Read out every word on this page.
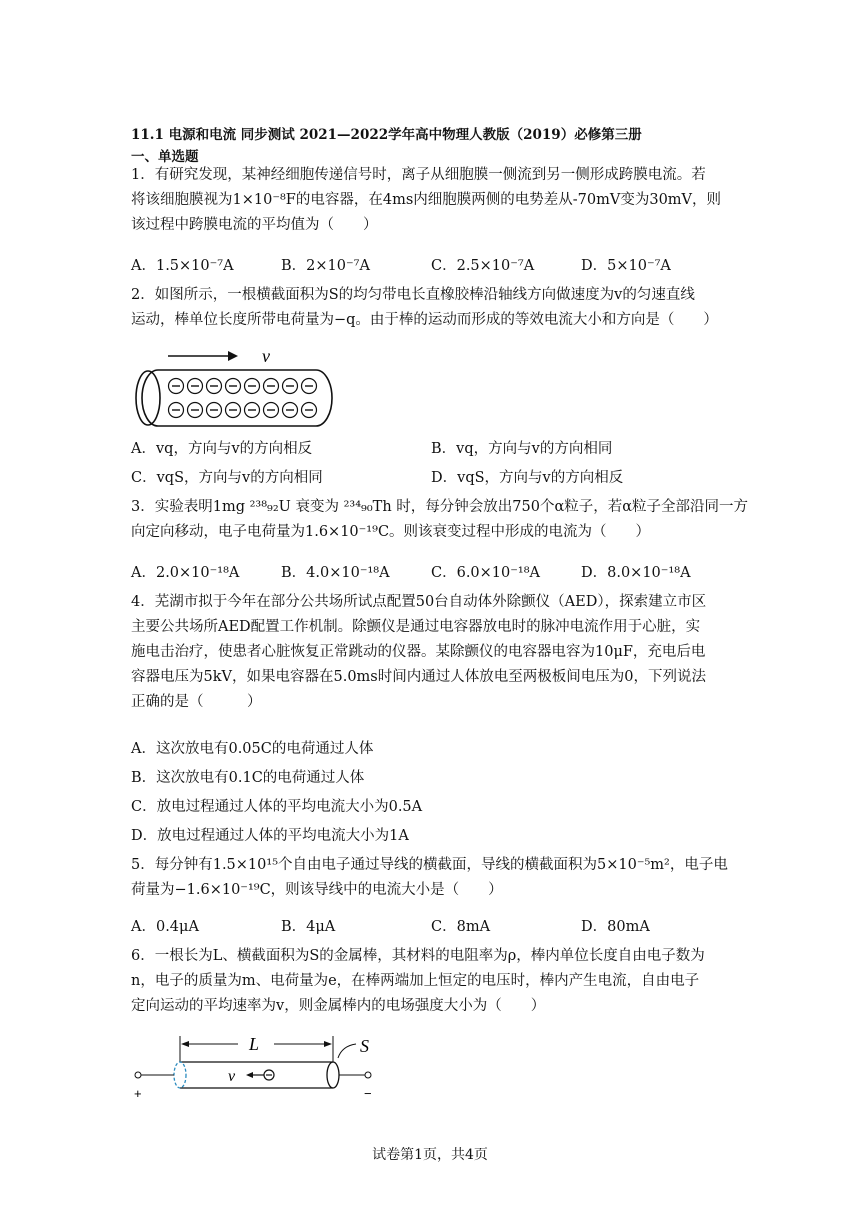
11.1 电源和电流 同步测试 2021—2022学年高中物理人教版（2019）必修第三册
一、单选题
1．有研究发现，某神经细胞传递信号时，离子从细胞膜一侧流到另一侧形成跨膜电流。若
将该细胞膜视为1×10⁻⁸F的电容器，在4ms内细胞膜两侧的电势差从-70mV变为30mV，则
该过程中跨膜电流的平均值为（　　）
A．1.5×10⁻⁷A	B．2×10⁻⁷A	C．2.5×10⁻⁷A	D．5×10⁻⁷A
2．如图所示，一根横截面积为S的均匀带电长直橡胶棒沿轴线方向做速度为v的匀速直线
运动，棒单位长度所带电荷量为−q。由于棒的运动而形成的等效电流大小和方向是（　　）
v
A．vq，方向与v的方向相反	B．vq，方向与v的方向相同
C．vqS，方向与v的方向相同	D．vqS，方向与v的方向相反
3．实验表明1mg ²³⁸₉₂U 衰变为 ²³⁴₉₀Th 时，每分钟会放出750个α粒子，若α粒子全部沿同一方
向定向移动，电子电荷量为1.6×10⁻¹⁹C。则该衰变过程中形成的电流为（　　）
A．2.0×10⁻¹⁸A	B．4.0×10⁻¹⁸A	C．6.0×10⁻¹⁸A	D．8.0×10⁻¹⁸A
4．芜湖市拟于今年在部分公共场所试点配置50台自动体外除颤仪（AED），探索建立市区
主要公共场所AED配置工作机制。除颤仪是通过电容器放电时的脉冲电流作用于心脏，实
施电击治疗，使患者心脏恢复正常跳动的仪器。某除颤仪的电容器电容为10μF，充电后电
容器电压为5kV，如果电容器在5.0ms时间内通过人体放电至两极板间电压为0，下列说法
正确的是（　　　）
A．这次放电有0.05C的电荷通过人体
B．这次放电有0.1C的电荷通过人体
C．放电过程通过人体的平均电流大小为0.5A
D．放电过程通过人体的平均电流大小为1A
5．每分钟有1.5×10¹⁵个自由电子通过导线的横截面，导线的横截面积为5×10⁻⁵m²，电子电
荷量为−1.6×10⁻¹⁹C，则该导线中的电流大小是（　　）
A．0.4μA	B．4μA	C．8mA	D．80mA
6．一根长为L、横截面积为S的金属棒，其材料的电阻率为ρ，棒内单位长度自由电子数为
n，电子的质量为m、电荷量为e，在棒两端加上恒定的电压时，棒内产生电流，自由电子
定向运动的平均速率为v，则金属棒内的电场强度大小为（　　）
L	S
+	−
v
试卷第1页，共4页
